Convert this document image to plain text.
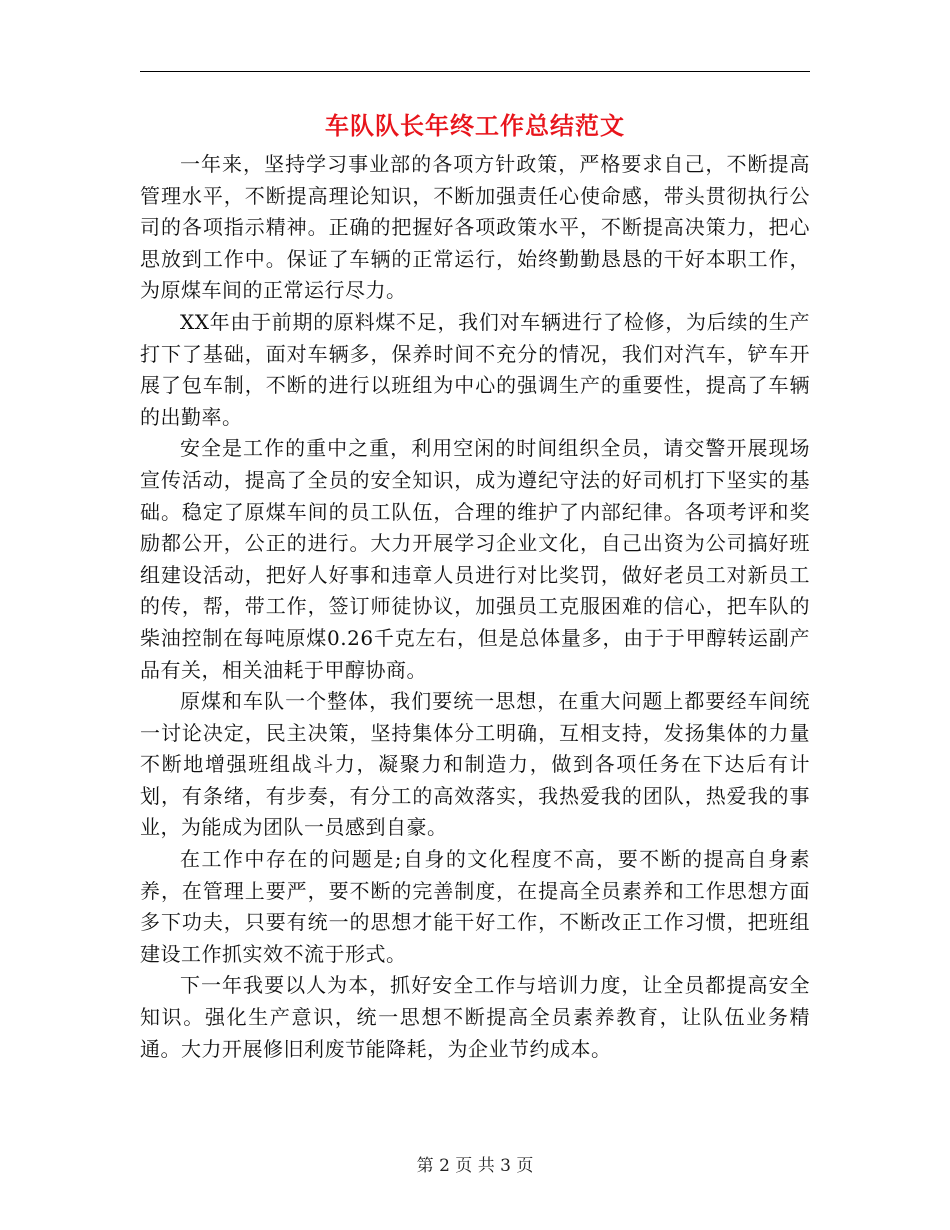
车队队长年终工作总结范文

一年来，坚持学习事业部的各项方针政策，严格要求自己，不断提高管理水平，不断提高理论知识，不断加强责任心使命感，带头贯彻执行公司的各项指示精神。正确的把握好各项政策水平，不断提高决策力，把心思放到工作中。保证了车辆的正常运行，始终勤勤恳恳的干好本职工作，为原煤车间的正常运行尽力。

XX年由于前期的原料煤不足，我们对车辆进行了检修，为后续的生产打下了基础，面对车辆多，保养时间不充分的情况，我们对汽车，铲车开展了包车制，不断的进行以班组为中心的强调生产的重要性，提高了车辆的出勤率。

安全是工作的重中之重，利用空闲的时间组织全员，请交警开展现场宣传活动，提高了全员的安全知识，成为遵纪守法的好司机打下坚实的基础。稳定了原煤车间的员工队伍，合理的维护了内部纪律。各项考评和奖励都公开，公正的进行。大力开展学习企业文化，自己出资为公司搞好班组建设活动，把好人好事和违章人员进行对比奖罚，做好老员工对新员工的传，帮，带工作，签订师徒协议，加强员工克服困难的信心，把车队的柴油控制在每吨原煤0.26千克左右，但是总体量多，由于于甲醇转运副产品有关，相关油耗于甲醇协商。

原煤和车队一个整体，我们要统一思想，在重大问题上都要经车间统一讨论决定，民主决策，坚持集体分工明确，互相支持，发扬集体的力量不断地增强班组战斗力，凝聚力和制造力，做到各项任务在下达后有计划，有条绪，有步奏，有分工的高效落实，我热爱我的团队，热爱我的事业，为能成为团队一员感到自豪。

在工作中存在的问题是;自身的文化程度不高，要不断的提高自身素养，在管理上要严，要不断的完善制度，在提高全员素养和工作思想方面多下功夫，只要有统一的思想才能干好工作，不断改正工作习惯，把班组建设工作抓实效不流于形式。

下一年我要以人为本，抓好安全工作与培训力度，让全员都提高安全知识。强化生产意识，统一思想不断提高全员素养教育，让队伍业务精通。大力开展修旧利废节能降耗，为企业节约成本。

第 2 页 共 3 页
